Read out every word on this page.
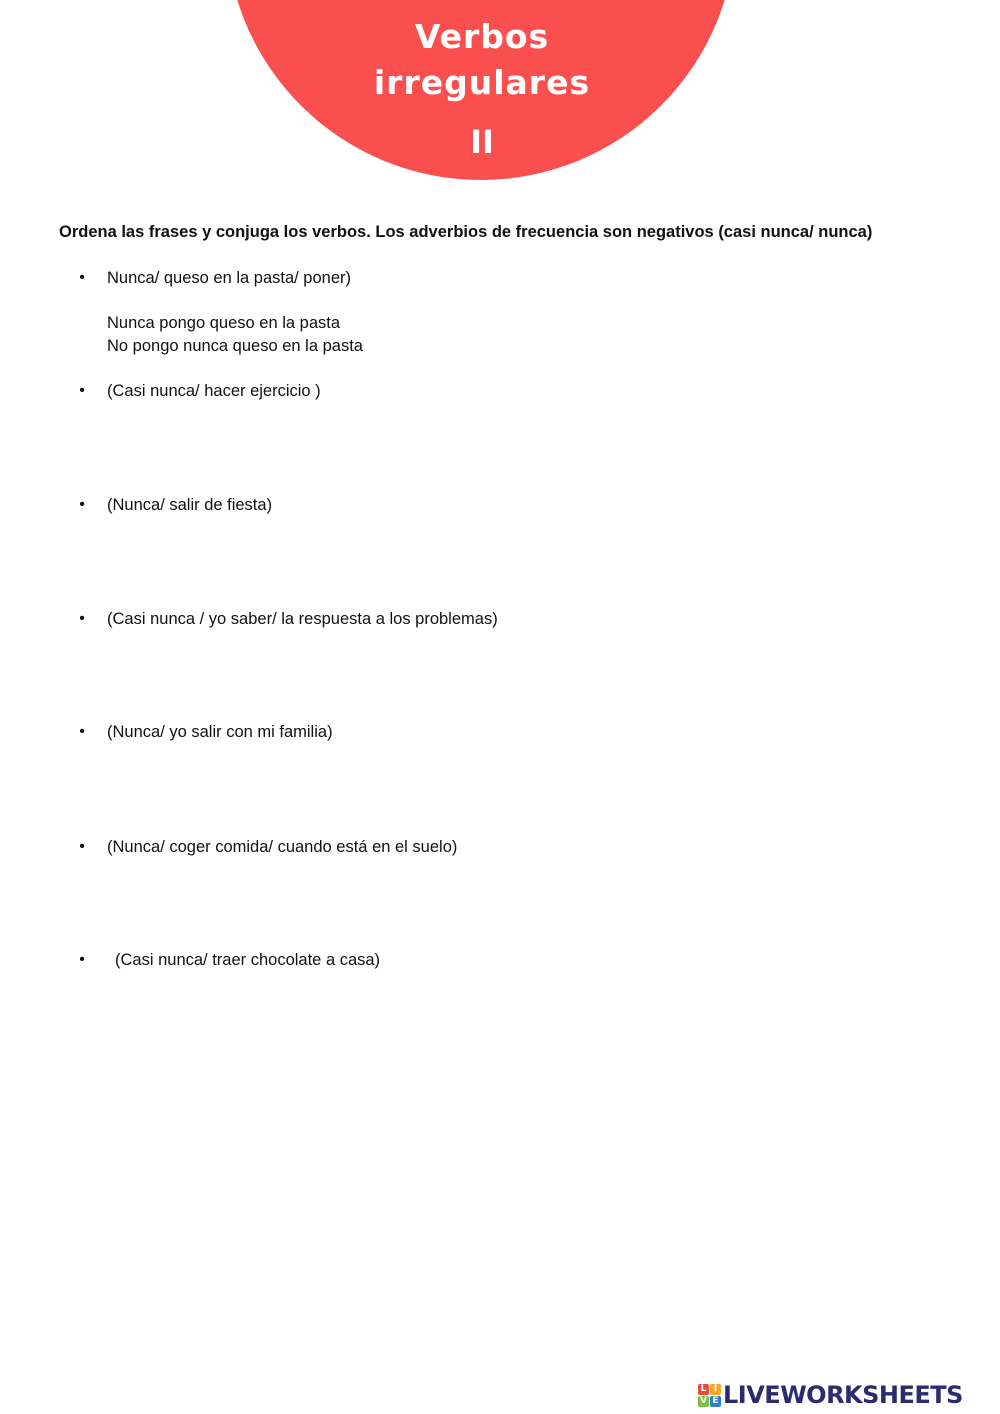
Verbos irregulares
II
Ordena las frases y conjuga los verbos. Los adverbios de frecuencia son negativos (casi nunca/ nunca)
• Nunca/ queso en la pasta/ poner)
Nunca pongo queso en la pasta
No pongo nunca queso en la pasta
• (Casi nunca/ hacer ejercicio )
• (Nunca/ salir de fiesta)
• (Casi nunca / yo saber/ la respuesta a los problemas)
• (Nunca/ yo salir con mi familia)
• (Nunca/ coger comida/ cuando está en el suelo)
• (Casi nunca/ traer chocolate a casa)
L I
V E LIVEWORKSHEETS
